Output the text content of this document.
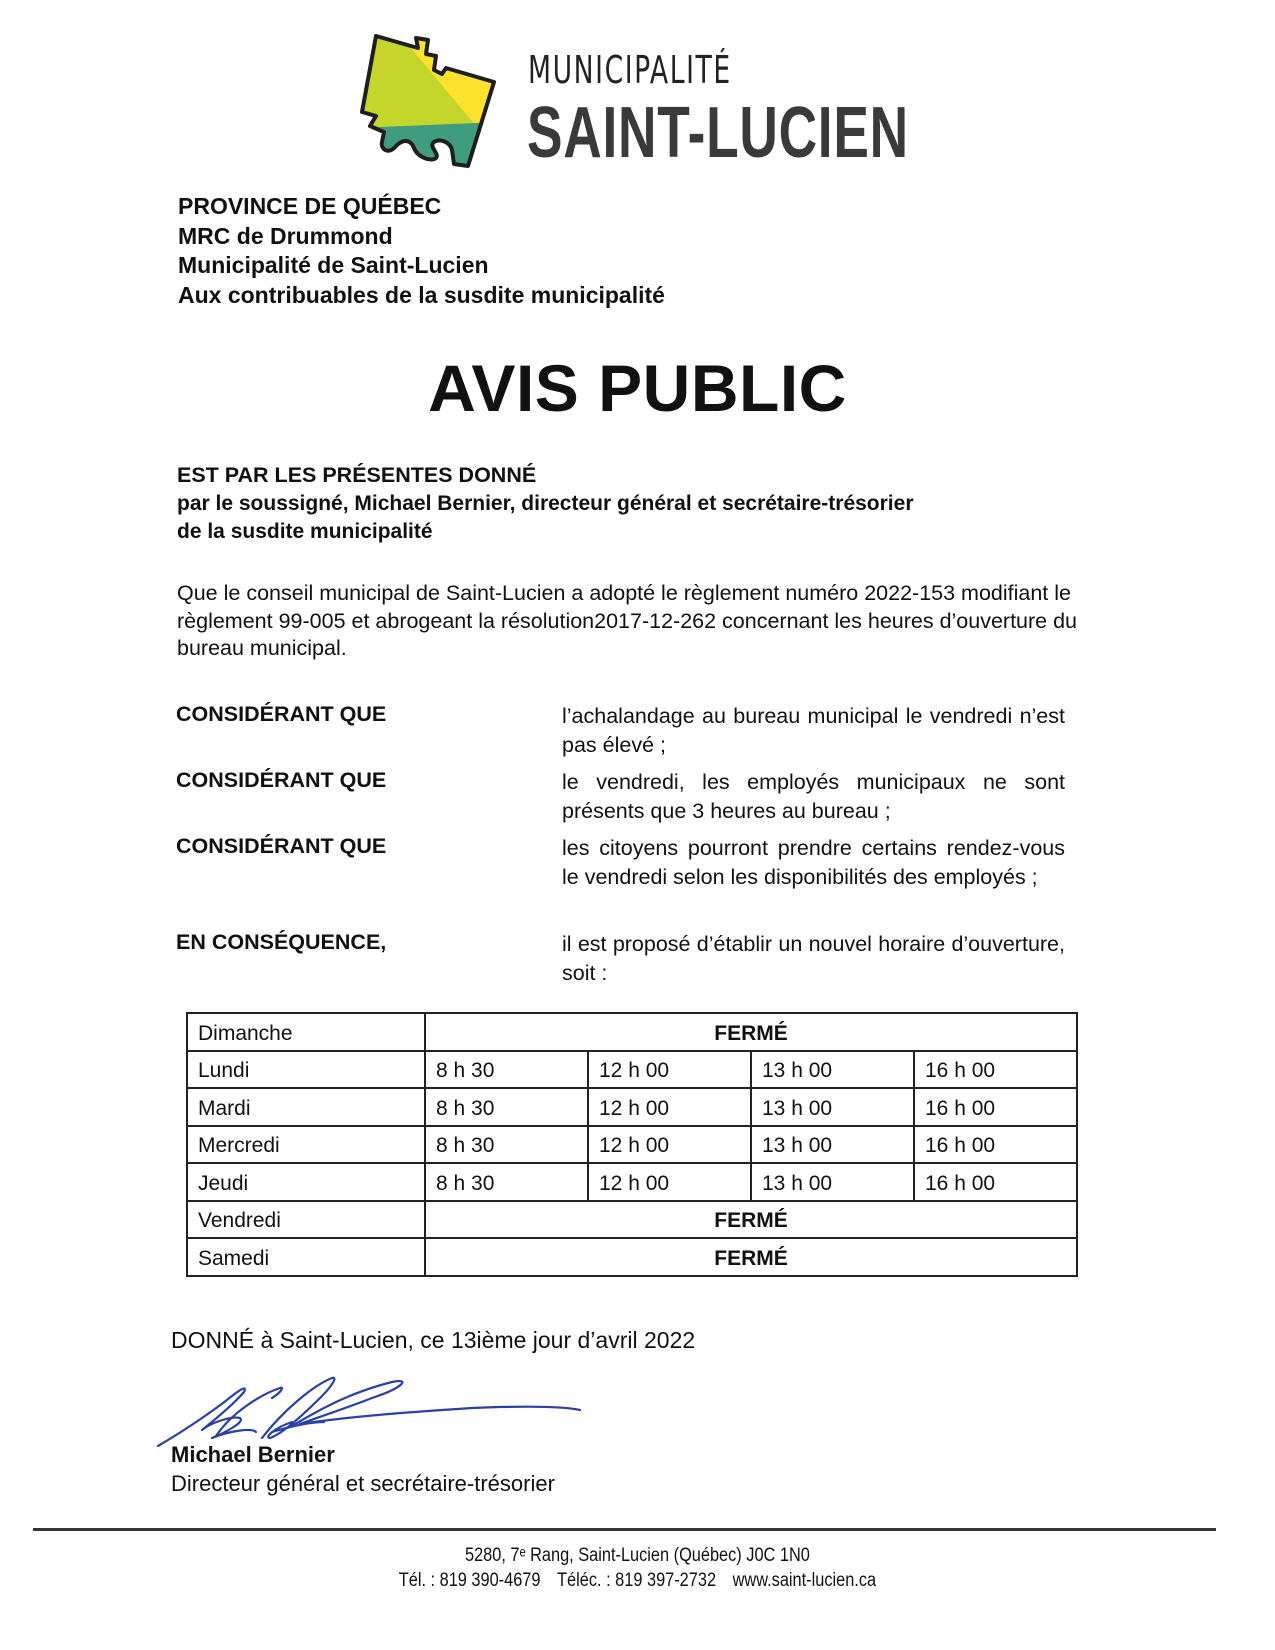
MUNICIPALITÉ
SAINT-LUCIEN
PROVINCE DE QUÉBEC
MRC de Drummond
Municipalité de Saint-Lucien
Aux contribuables de la susdite municipalité
AVIS PUBLIC
EST PAR LES PRÉSENTES DONNÉ
par le soussigné, Michael Bernier, directeur général et secrétaire-trésorier
de la susdite municipalité
Que le conseil municipal de Saint-Lucien a adopté le règlement numéro 2022-153 modifiant le règlement 99-005 et abrogeant la résolution2017-12-262 concernant les heures d’ouverture du bureau municipal.
CONSIDÉRANT QUE	l’achalandage au bureau municipal le vendredi n’est pas élevé ;
CONSIDÉRANT QUE	le vendredi, les employés municipaux ne sont présents que 3 heures au bureau ;
CONSIDÉRANT QUE	les citoyens pourront prendre certains rendez-vous le vendredi selon les disponibilités des employés ;
EN CONSÉQUENCE,	il est proposé d’établir un nouvel horaire d’ouverture, soit :
Dimanche	FERMÉ			
Lundi	8 h 30	12 h 00	13 h 00	16 h 00
Mardi	8 h 30	12 h 00	13 h 00	16 h 00
Mercredi	8 h 30	12 h 00	13 h 00	16 h 00
Jeudi	8 h 30	12 h 00	13 h 00	16 h 00
Vendredi	FERMÉ			
Samedi	FERMÉ			
DONNÉ à Saint-Lucien, ce 13ième jour d’avril 2022
Michael Bernier
Directeur général et secrétaire-trésorier
5280, 7ᵉ Rang, Saint-Lucien (Québec) J0C 1N0
Tél. : 819 390-4679 Téléc. : 819 397-2732 www.saint-lucien.ca
